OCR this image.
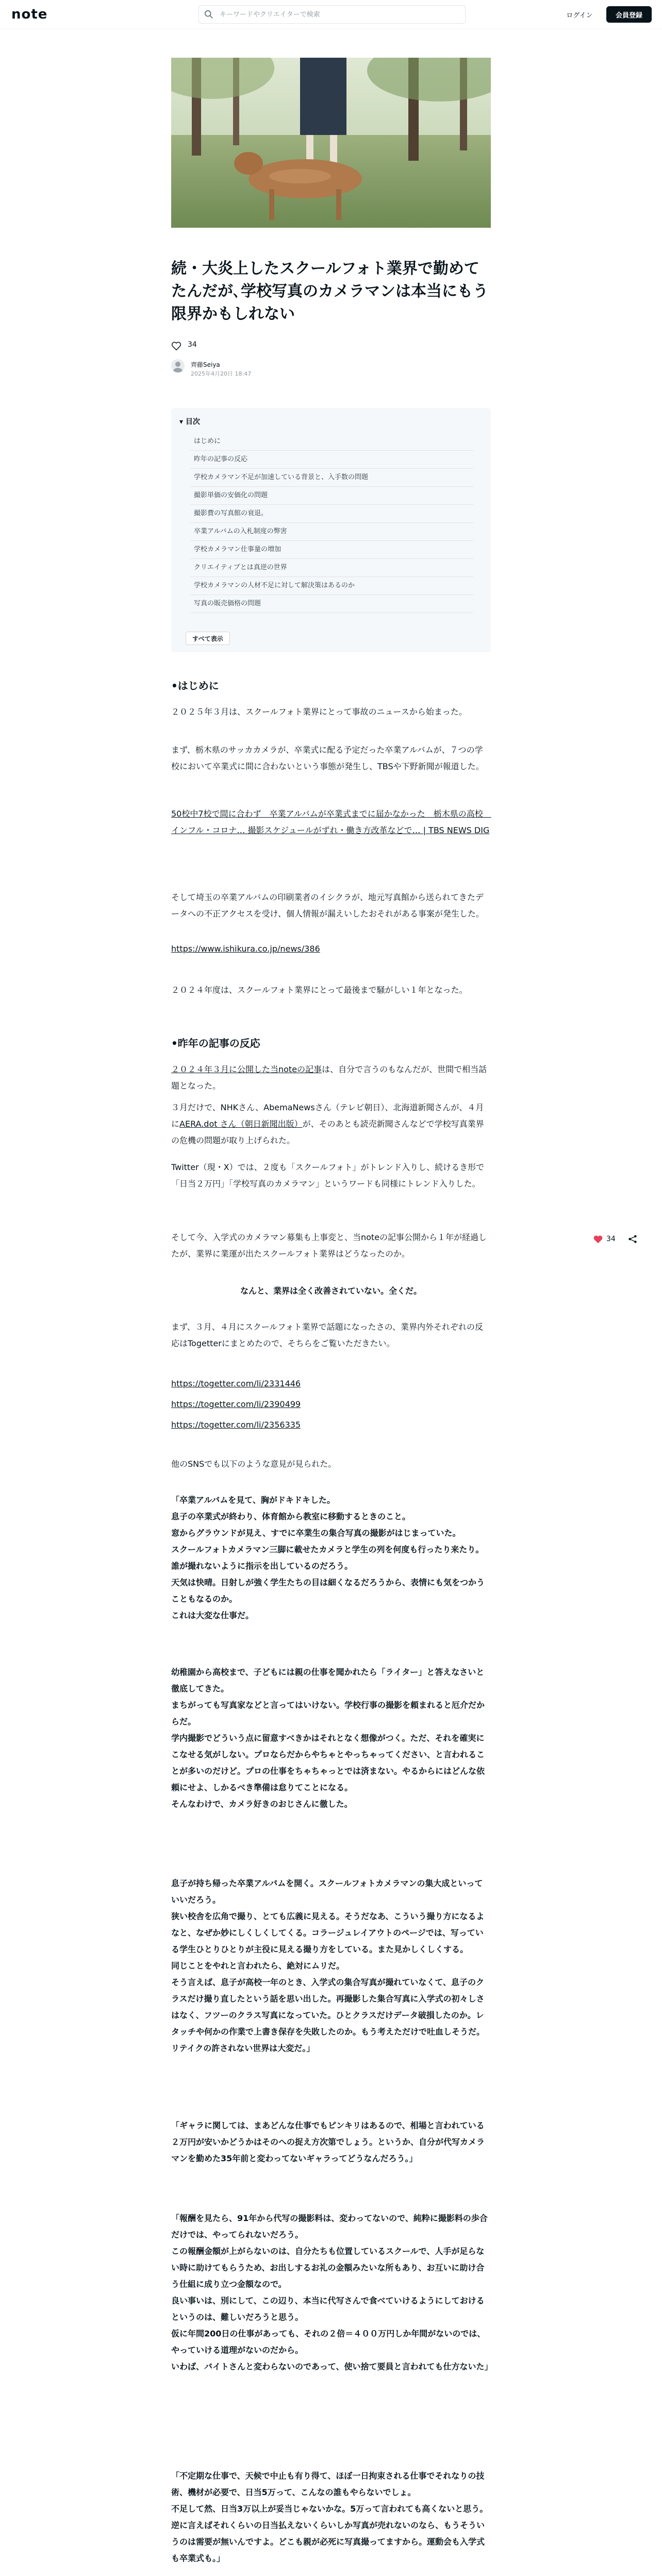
note
キーワードやクリエイターで検索	ログイン	会員登録
続・大炎上したスクールフォト業界で勤めてたんだが､学校写真のカメラマンは本当にもう限界かもしれない
34
齊藤Seiya
2025年4月20日 18:47
▾ 目次
はじめに
昨年の記事の反応
学校カメラマン不足が加速している背景と、入手数の問題
撮影単価の安価化の問題
撮影費の写真館の衰退。
卒業アルバムの入札制度の弊害
学校カメラマン仕事量の増加
クリエイティブとは真逆の世界
学校カメラマンの人材不足に対して解決策はあるのか
写真の販売価格の問題
すべて表示

•はじめに

２０２５年３月は、スクールフォト業界にとって事故のニュースから始まった。

まず、栃木県のサッカカメラが、卒業式に配る予定だった卒業アルバムが、７つの学校において卒業式に間に合わないという事態が発生し、TBSや下野新聞が報道した。

50校中7校で間に合わず　卒業アルバムが卒業式までに届かなかった　栃木県の高校　インフル・コロナ… 撮影スケジュールがずれ・働き方改革などで… | TBS NEWS DIG

そして埼玉の卒業アルバムの印刷業者のイシクラが、地元写真館から送られてきたデータへの不正アクセスを受け、個人情報が漏えいしたおそれがある事案が発生した。

https://www.ishikura.co.jp/news/386

２０２４年度は、スクールフォト業界にとって最後まで騒がしい１年となった。

•昨年の記事の反応

２０２４年３月に公開した当noteの記事は、自分で言うのもなんだが、世間で相当話題となった。

３月だけで、NHKさん、AbemaNewsさん（テレビ朝日）、北海道新聞さんが、４月にAERA.dot さん（朝日新聞出版）が、そのあとも読売新聞さんなどで学校写真業界の危機の問題が取り上げられた。

Twitter（現・X）では、２度も「スクールフォト」がトレンド入りし、続けるき形で「日当２万円」「学校写真のカメラマン」というワードも同様にトレンド入りした。

そして今、入学式のカメラマン募集も上事変と、当noteの記事公開から１年が経過したが、業界に業運が出たスクールフォト業界はどうなったのか。

なんと、業界は全く改善されていない。全くだ。

まず、３月、４月にスクールフォト業界で話題になったさの、業界内外それぞれの反応はTogetterにまとめたので、そちらをご覧いただきたい。

https://togetter.com/li/2331446

https://togetter.com/li/2390499

https://togetter.com/li/2356335

他のSNSでも以下のような意見が見られた。

「卒業アルバムを見て、胸がドキドキした。
息子の卒業式が終わり、体育館から教室に移動するときのこと。
窓からグラウンドが見え、すでに卒業生の集合写真の撮影がはじまっていた。
スクールフォトカメラマン三脚に載せたカメラと学生の列を何度も行ったり来たり。
誰が撮れないように指示を出しているのだろう。
天気は快晴。日射しが強く学生たちの目は細くなるだろうから、表情にも気をつかうこともなるのか。
これは大変な仕事だ。

幼稚園から高校まで、子どもには親の仕事を聞かれたら「ライター」と答えなさいと徹底してきた。
まちがっても写真家などと言ってはいけない。学校行事の撮影を頼まれると厄介だからだ。
学内撮影でどういう点に留意すべきかはそれとなく想像がつく。ただ、それを確実にこなせる気がしない。プロならだからやちゃとやっちゃってください、と言われることが多いのだけど。プロの仕事をちゃちゃっとでは済まない。やるからにはどんな依頼にせよ、しかるべき準備は怠りてことになる。
そんなわけで、カメラ好きのおじさんに徹した。

息子が持ち帰った卒業アルバムを開く。スクールフォトカメラマンの集大成といっていいだろう。
狭い校舎を広角で撮り、とても広義に見える。そうだなあ、こういう撮り方になるよなと、なぜか妙にしくしくしてくる。コラージュレイアウトのページでは、写っている学生ひとりひとりが主役に見える撮り方をしている。また見かしくしくする。
同じことをやれと言われたら、絶対にムリだ。
そう言えば、息子が高校一年のとき、入学式の集合写真が撮れていなくて、息子のクラスだけ撮り直したという話を思い出した。再撮影した集合写真に入学式の初々しさはなく、フツーのクラス写真になっていた。ひとクラスだけデータ破損したのか。レタッチや何かの作業で上書き保存を失敗したのか。もう考えただけで吐血しそうだ。
リテイクの許されない世界は大変だ。」

「ギャラに関しては、まあどんな仕事でもピンキリはあるので、相場と言われている２万円が安いかどうかはそのへの捉え方次第でしょう。というか、自分が代写カメラマンを勤めた35年前と変わってないギャラってどうなんだろう。」

「報酬を見たら、91年から代写の撮影料は、変わってないので、純粋に撮影料の歩合だけでは、やってられないだろう。
この報酬金額が上がらないのは、自分たちも位置しているスクールで、人手が足らない時に助けてもらうため、お出しするお礼の金額みたいな所もあり、お互いに助け合う仕組に成り立つ金額なので。
良い事いは、別にして、この辺り、本当に代写さんで食べていけるようにしておけるというのは、難しいだろうと思う。
仮に年間200日の仕事があっても、それの２倍＝４００万円しか年間がないのでは、やっていける道理がないのだから。
いわば、バイトさんと変わらないのであって、使い捨て要員と言われても仕方ないた」

「不定期な仕事で、天候で中止も有り得て、ほぼ一日拘束される仕事でそれなりの技術、機材が必要で、日当5万って、こんなの誰もやらないでしょ。
不足して然、日当3万以上が妥当じゃないかな。5万って言われても高くないと思う。
逆に言えばそれくらいの日当払えないくらいしか写真が売れないのなら、もうそういうのは需要が無いんですよ。どこも親が必死に写真撮ってますから。運動会も入学式も卒業式も。」

34
